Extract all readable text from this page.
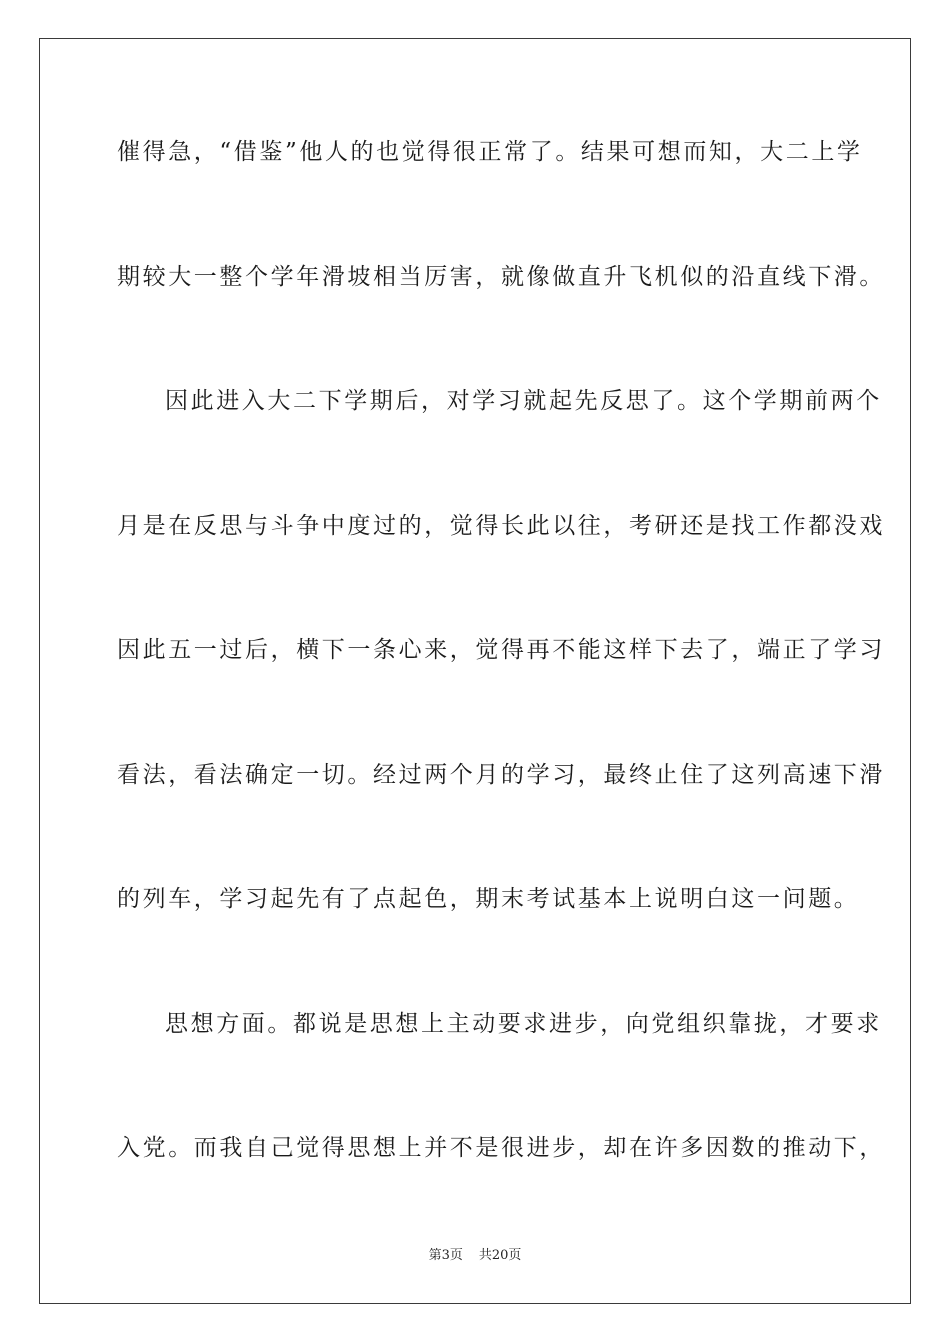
催得急，“借鉴”他人的也觉得很正常了。结果可想而知，大二上学
期较大一整个学年滑坡相当厉害，就像做直升飞机似的沿直线下滑。
因此进入大二下学期后，对学习就起先反思了。这个学期前两个
月是在反思与斗争中度过的，觉得长此以往，考研还是找工作都没戏
因此五一过后，横下一条心来，觉得再不能这样下去了，端正了学习
看法，看法确定一切。经过两个月的学习，最终止住了这列高速下滑
的列车，学习起先有了点起色，期末考试基本上说明白这一问题。
思想方面。都说是思想上主动要求进步，向党组织靠拢，才要求
入党。而我自己觉得思想上并不是很进步，却在许多因数的推动下，
第3页 共20页
